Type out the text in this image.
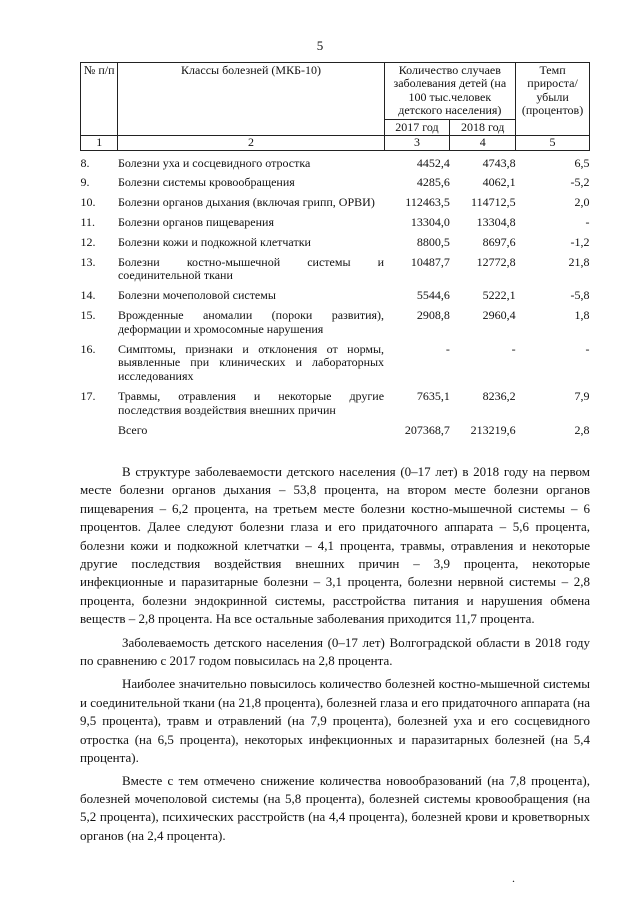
5
№ п/п	Классы болезней (МКБ-10)	Количество случаев заболевания детей (на 100 тыс.человек детского населения)		Темп прироста/ убыли (процентов)
		2017 год	2018 год	
1	2	3	4	5
8.	Болезни уха и сосцевидного отростка	4452,4	4743,8	6,5
9.	Болезни системы кровообращения	4285,6	4062,1	-5,2
10.	Болезни органов дыхания (включая грипп, ОРВИ)	112463,5	114712,5	2,0
11.	Болезни органов пищеварения	13304,0	13304,8	-
12.	Болезни кожи и подкожной клетчатки	8800,5	8697,6	-1,2
13.	Болезни костно-мышечной системы и соединительной ткани	10487,7	12772,8	21,8
14.	Болезни мочеполовой системы	5544,6	5222,1	-5,8
15.	Врожденные аномалии (пороки развития), деформации и хромосомные нарушения	2908,8	2960,4	1,8
16.	Симптомы, признаки и отклонения от нормы, выявленные при клинических и лабораторных исследованиях	-	-	-
17.	Травмы, отравления и некоторые другие последствия воздействия внешних причин	7635,1	8236,2	7,9
	Всего	207368,7	213219,6	2,8

В структуре заболеваемости детского населения (0–17 лет) в 2018 году на первом месте болезни органов дыхания – 53,8 процента, на втором месте болезни органов пищеварения – 6,2 процента, на третьем месте болезни костно-мышечной системы – 6 процентов. Далее следуют болезни глаза и его придаточного аппарата – 5,6 процента, болезни кожи и подкожной клетчатки – 4,1 процента, травмы, отравления и некоторые другие последствия воздействия внешних причин – 3,9 процента, некоторые инфекционные и паразитарные болезни – 3,1 процента, болезни нервной системы – 2,8 процента, болезни эндокринной системы, расстройства питания и нарушения обмена веществ – 2,8 процента. На все остальные заболевания приходится 11,7 процента.

Заболеваемость детского населения (0–17 лет) Волгоградской области в 2018 году по сравнению с 2017 годом повысилась на 2,8 процента.

Наиболее значительно повысилось количество болезней костно-мышечной системы и соединительной ткани (на 21,8 процента), болезней глаза и его придаточного аппарата (на 9,5 процента), травм и отравлений (на 7,9 процента), болезней уха и его сосцевидного отростка (на 6,5 процента), некоторых инфекционных и паразитарных болезней (на 5,4 процента).

Вместе с тем отмечено снижение количества новообразований (на 7,8 процента), болезней мочеполовой системы (на 5,8 процента), болезней системы кровообращения (на 5,2 процента), психических расстройств (на 4,4 процента), болезней крови и кроветворных органов (на 2,4 процента).

.
